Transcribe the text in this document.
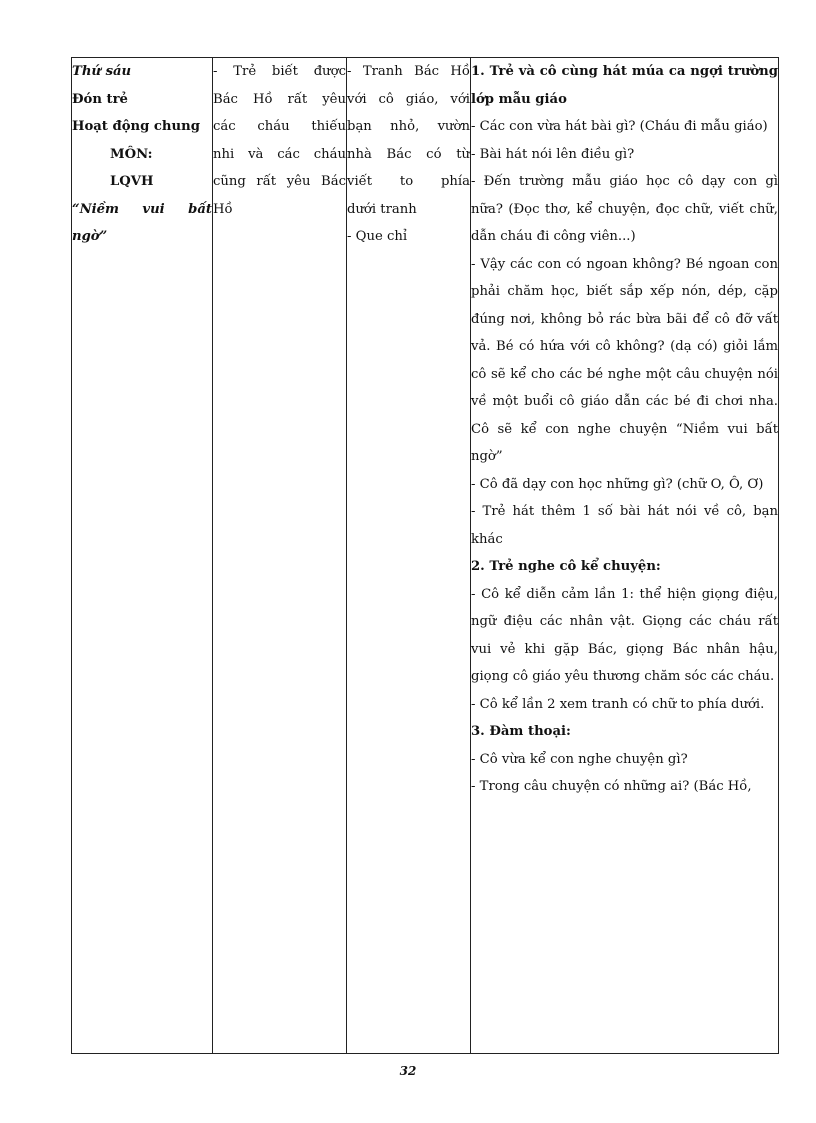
Thứ sáu
Đón trẻ
Hoạt động chung
MÔN:
LQVH
“Niềm vui bất
ngờ”

- Trẻ biết được
Bác Hồ rất yêu
các cháu thiếu
nhi và các cháu
cũng rất yêu Bác
Hồ

- Tranh Bác Hồ
với cô giáo, với
bạn nhỏ, vườn
nhà Bác có từ
viết to phía
dưới tranh
- Que chỉ

1. Trẻ và cô cùng hát múa ca ngợi trường lớp mẫu giáo
- Các con vừa hát bài gì? (Cháu đi mẫu giáo)
- Bài hát nói lên điều gì?
- Đến trường mẫu giáo học cô dạy con gì nữa? (Đọc thơ, kể chuyện, đọc chữ, viết chữ, dẫn cháu đi công viên...)
- Vậy các con có ngoan không? Bé ngoan con phải chăm học, biết sắp xếp nón, dép, cặp đúng nơi, không bỏ rác bừa bãi để cô đỡ vất vả. Bé có hứa với cô không? (dạ có) giỏi lắm cô sẽ kể cho các bé nghe một câu chuyện nói về một buổi cô giáo dẫn các bé đi chơi nha. Cô sẽ kể con nghe chuyện “Niềm vui bất ngờ”
- Cô đã dạy con học những gì? (chữ O, Ô, Ơ)
- Trẻ hát thêm 1 số bài hát nói về cô, bạn khác
2. Trẻ nghe cô kể chuyện:
- Cô kể diễn cảm lần 1: thể hiện giọng điệu, ngữ điệu các nhân vật. Giọng các cháu rất vui vẻ khi gặp Bác, giọng Bác nhân hậu, giọng cô giáo yêu thương chăm sóc các cháu.
- Cô kể lần 2 xem tranh có chữ to phía dưới.
3. Đàm thoại:
- Cô vừa kể con nghe chuyện gì?
- Trong câu chuyện có những ai? (Bác Hồ,
32
